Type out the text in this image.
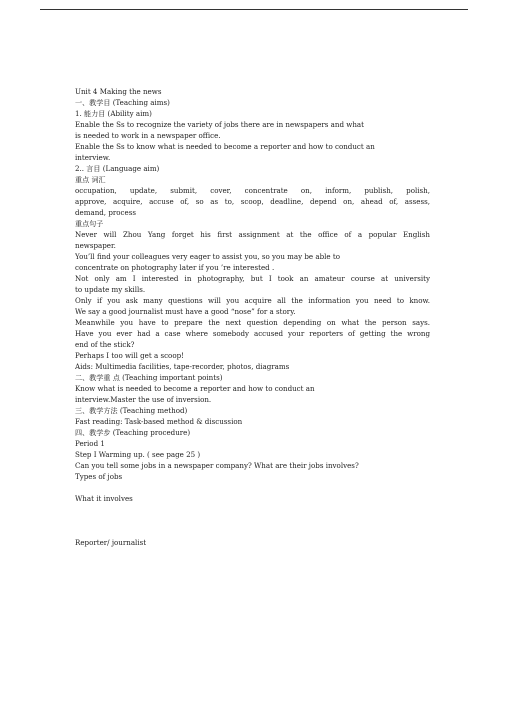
Unit 4 Making the news
一、教学目 (Teaching aims)
1. 能力目 (Ability aim)
Enable the Ss to recognize the variety of jobs there are in newspapers and what
is needed to work in a newspaper office.
Enable the Ss to know what is needed to become a reporter and how to conduct an
interview.
2.. 言目 (Language aim)
重点 词汇
occupation, update, submit, cover, concentrate on, inform, publish, polish,
approve, acquire, accuse of, so as to, scoop, deadline, depend on, ahead of, assess,
demand, process
重点句子
Never will Zhou Yang forget his first assignment at the office of a popular English
newspaper.
You’ll find your colleagues very eager to assist you, so you may be able to
concentrate on photography later if you ’re interested .
Not only am I interested in photography, but I took an amateur course at university
to update my skills.
Only if you ask many questions will you acquire all the information you need to know.
We say a good journalist must have a good “nose” for a story.
Meanwhile you have to prepare the next question depending on what the person says.
Have you ever had a case where somebody accused your reporters of getting the wrong
end of the stick?
Perhaps I too will get a scoop!
Aids: Multimedia facilities, tape-recorder, photos, diagrams
二、教学重 点 (Teaching important points)
Know what is needed to become a reporter and how to conduct an
interview.Master the use of inversion.
三、教学方法 (Teaching method)
Fast reading: Task-based method & discussion
四、教学步 (Teaching procedure)
Period 1
Step I Warming up. ( see page 25 )
Can you tell some jobs in a newspaper company? What are their jobs involves?
Types of jobs
What it involves
Reporter/ journalist
